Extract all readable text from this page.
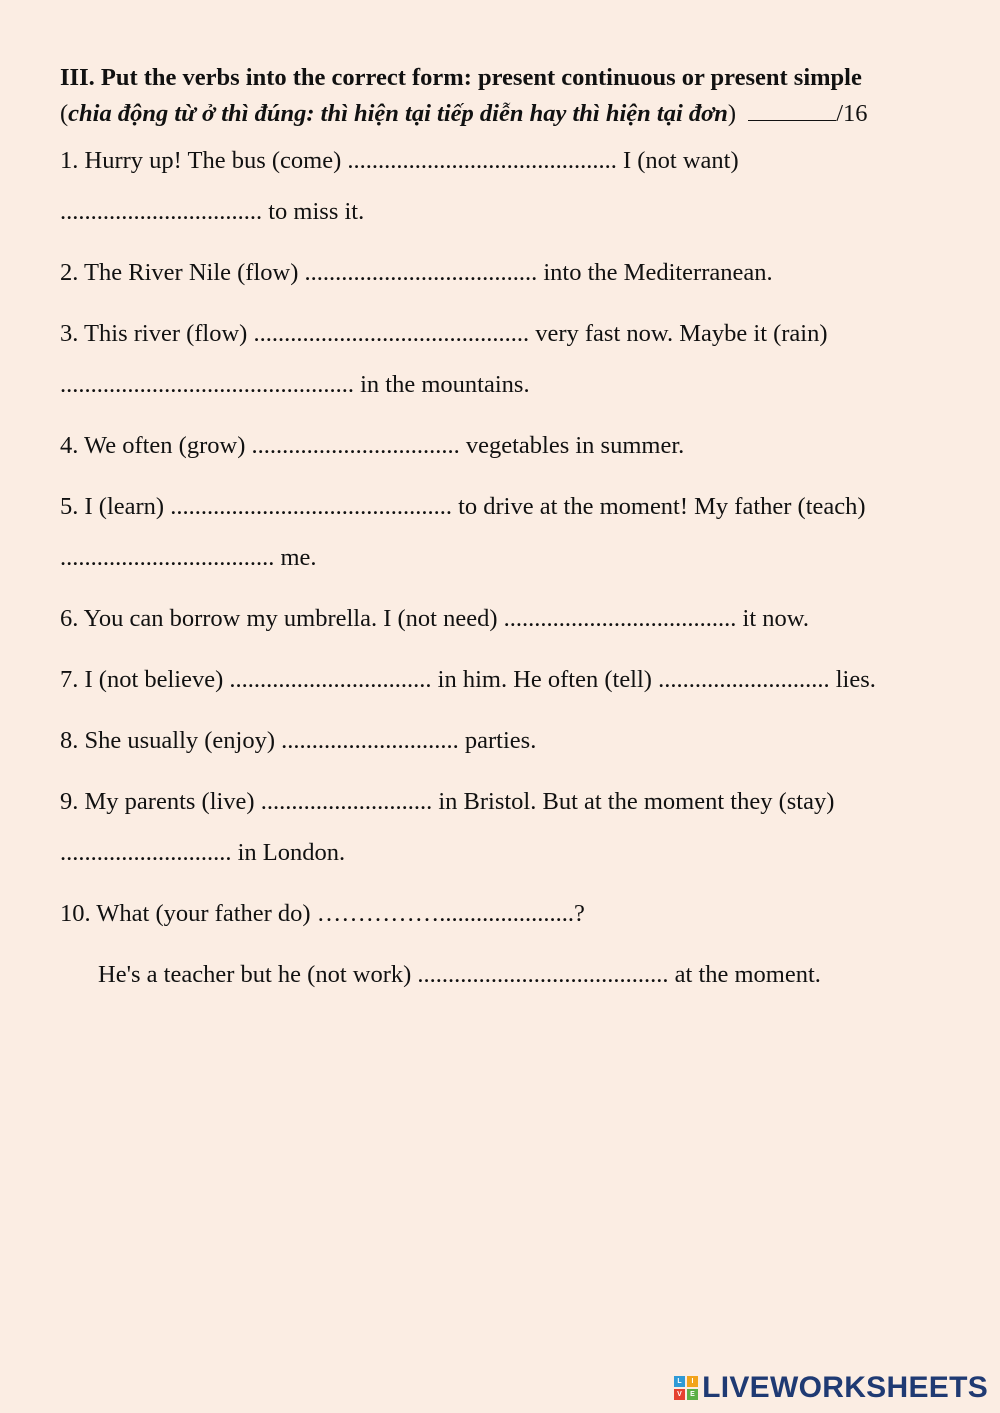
III. Put the verbs into the correct form: present continuous or present simple
(chia động từ ở thì đúng: thì hiện tại tiếp diễn hay thì hiện tại đơn)	/16
1. Hurry up! The bus (come) ............................................ I (not want)
................................. to miss it.
2. The River Nile (flow) ...................................... into the Mediterranean.
3. This river (flow) ............................................. very fast now. Maybe it (rain)
................................................ in the mountains.
4. We often (grow) .................................. vegetables in summer.
5. I (learn) .............................................. to drive at the moment! My father (teach)
................................... me.
6. You can borrow my umbrella. I (not need) ...................................... it now.
7. I (not believe) ................................. in him. He often (tell) ............................ lies.
8. She usually (enjoy) ............................. parties.
9. My parents (live) ............................ in Bristol. But at the moment they (stay)
............................ in London.
10. What (your father do) ……………......................?
He's a teacher but he (not work) ......................................... at the moment.
L	I
V	E LIVEWORKSHEETS
